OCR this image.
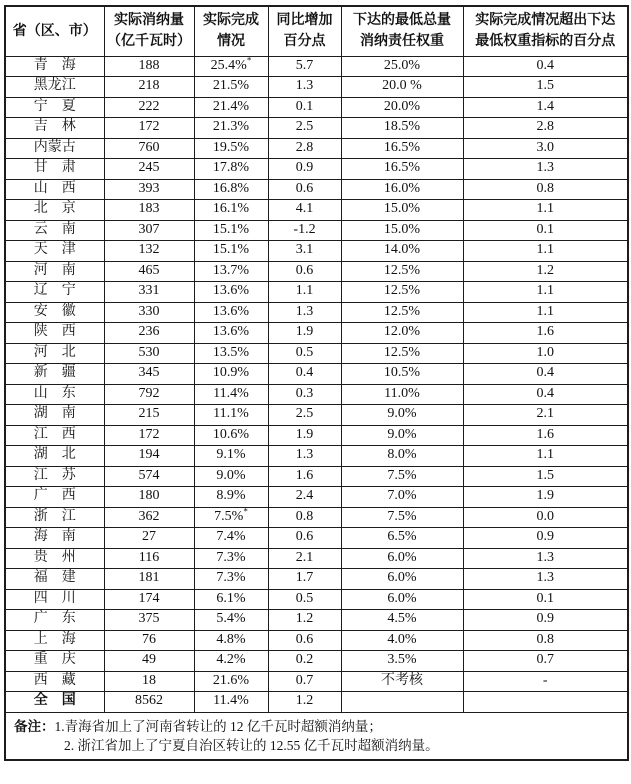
省（区、市）

实际消纳量
（亿千瓦时）

实际完成
情况

同比增加
百分点

下达的最低总量
消纳责任权重

实际完成情况超出下达
最低权重指标的百分点

青　海	188	25.4%*	5.7	25.0%	0.4
黑龙江	218	21.5%	1.3	20.0 %	1.5
宁　夏	222	21.4%	0.1	20.0%	1.4
吉　林	172	21.3%	2.5	18.5%	2.8
内蒙古	760	19.5%	2.8	16.5%	3.0
甘　肃	245	17.8%	0.9	16.5%	1.3
山　西	393	16.8%	0.6	16.0%	0.8
北　京	183	16.1%	4.1	15.0%	1.1
云　南	307	15.1%	-1.2	15.0%	0.1
天　津	132	15.1%	3.1	14.0%	1.1
河　南	465	13.7%	0.6	12.5%	1.2
辽　宁	331	13.6%	1.1	12.5%	1.1
安　徽	330	13.6%	1.3	12.5%	1.1
陕　西	236	13.6%	1.9	12.0%	1.6
河　北	530	13.5%	0.5	12.5%	1.0
新　疆	345	10.9%	0.4	10.5%	0.4
山　东	792	11.4%	0.3	11.0%	0.4
湖　南	215	11.1%	2.5	9.0%	2.1
江　西	172	10.6%	1.9	9.0%	1.6
湖　北	194	9.1%	1.3	8.0%	1.1
江　苏	574	9.0%	1.6	7.5%	1.5
广　西	180	8.9%	2.4	7.0%	1.9
浙　江	362	7.5%*	0.8	7.5%	0.0
海　南	27	7.4%	0.6	6.5%	0.9
贵　州	116	7.3%	2.1	6.0%	1.3
福　建	181	7.3%	1.7	6.0%	1.3
四　川	174	6.1%	0.5	6.0%	0.1
广　东	375	5.4%	1.2	4.5%	0.9
上　海	76	4.8%	0.6	4.0%	0.8
重　庆	49	4.2%	0.2	3.5%	0.7
西　藏	18	21.6%	0.7	不考核	-
全　国	8562	11.4%	1.2		

备注：1.青海省加上了河南省转让的 12 亿千瓦时超额消纳量；
2. 浙江省加上了宁夏自治区转让的 12.55 亿千瓦时超额消纳量。					
